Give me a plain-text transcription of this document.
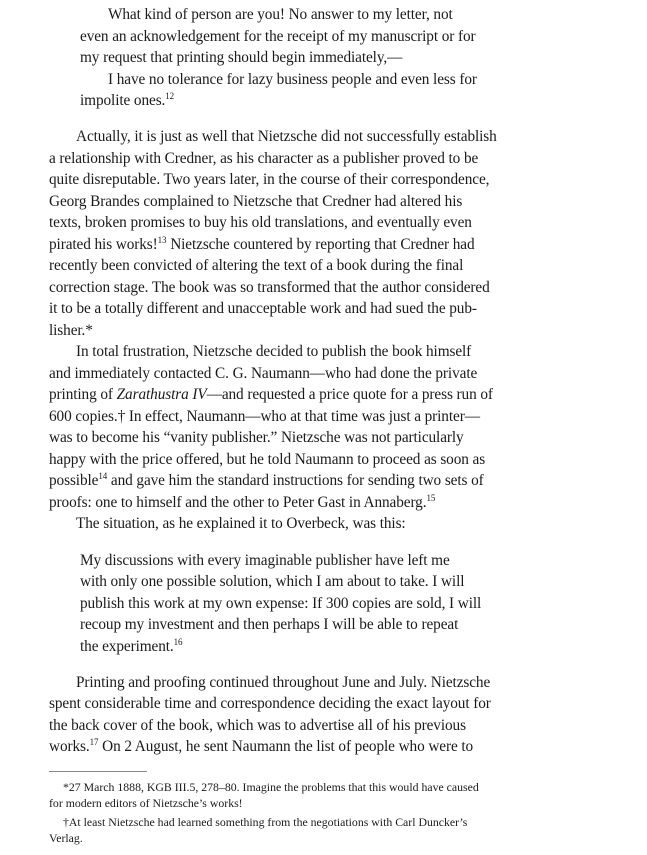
What kind of person are you! No answer to my letter, not
even an acknowledgement for the receipt of my manuscript or for
my request that printing should begin immediately,—
I have no tolerance for lazy business people and even less for
impolite ones.$^{12}$
Actually, it is just as well that Nietzsche did not successfully establish
a relationship with Credner, as his character as a publisher proved to be
quite disreputable. Two years later, in the course of their correspondence,
Georg Brandes complained to Nietzsche that Credner had altered his
texts, broken promises to buy his old translations, and eventually even
pirated his works!$^{13}$ Nietzsche countered by reporting that Credner had
recently been convicted of altering the text of a book during the final
correction stage. The book was so transformed that the author considered
it to be a totally different and unacceptable work and had sued the pub-
lisher.*
In total frustration, Nietzsche decided to publish the book himself
and immediately contacted C. G. Naumann—who had done the private
printing of Zarathustra IV—and requested a price quote for a press run of
600 copies.† In effect, Naumann—who at that time was just a printer—
was to become his “vanity publisher.” Nietzsche was not particularly
happy with the price offered, but he told Naumann to proceed as soon as
possible$^{14}$ and gave him the standard instructions for sending two sets of
proofs: one to himself and the other to Peter Gast in Annaberg.$^{15}$
The situation, as he explained it to Overbeck, was this:
My discussions with every imaginable publisher have left me
with only one possible solution, which I am about to take. I will
publish this work at my own expense: If 300 copies are sold, I will
recoup my investment and then perhaps I will be able to repeat
the experiment.$^{16}$
Printing and proofing continued throughout June and July. Nietzsche
spent considerable time and correspondence deciding the exact layout for
the back cover of the book, which was to advertise all of his previous
works.$^{17}$ On 2 August, he sent Naumann the list of people who were to
*27 March 1888, KGB III.5, 278–80. Imagine the problems that this would have caused
for modern editors of Nietzsche’s works!
†At least Nietzsche had learned something from the negotiations with Carl Duncker’s
Verlag.
